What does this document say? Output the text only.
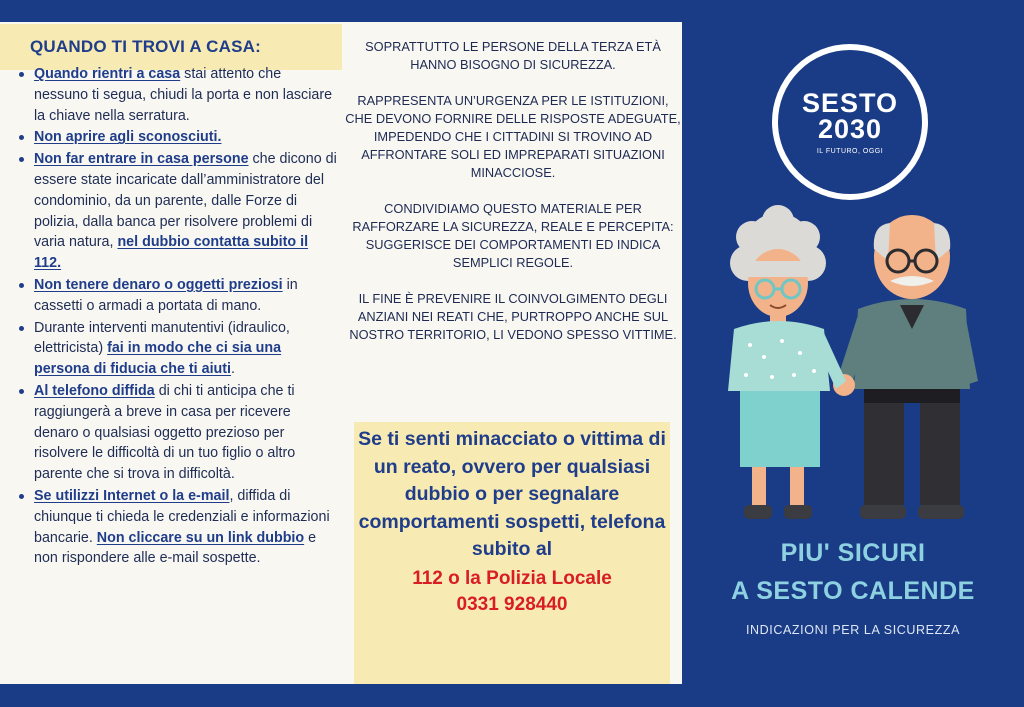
QUANDO TI TROVI A CASA:
Quando rientri a casa stai attento che nessuno ti segua, chiudi la porta e non lasciare la chiave nella serratura.
Non aprire agli sconosciuti.
Non far entrare in casa persone che dicono di essere state incaricate dall’amministratore del condominio, da un parente, dalle Forze di polizia, dalla banca per risolvere problemi di varia natura, nel dubbio contatta subito il 112.
Non tenere denaro o oggetti preziosi in cassetti o armadi a portata di mano.
Durante interventi manutentivi (idraulico, elettricista) fai in modo che ci sia una persona di fiducia che ti aiuti.
Al telefono diffida di chi ti anticipa che ti raggiungerà a breve in casa per ricevere denaro o qualsiasi oggetto prezioso per risolvere le difficoltà di un tuo figlio o altro parente che si trova in difficoltà.
Se utilizzi Internet o la e-mail, diffida di chiunque ti chieda le credenziali e informazioni bancarie. Non cliccare su un link dubbio e non rispondere alle e-mail sospette.

SOPRATTUTTO LE PERSONE DELLA TERZA ETÀ HANNO BISOGNO DI SICUREZZA.

RAPPRESENTA UN’URGENZA PER LE ISTITUZIONI, CHE DEVONO FORNIRE DELLE RISPOSTE ADEGUATE, IMPEDENDO CHE I CITTADINI SI TROVINO AD AFFRONTARE SOLI ED IMPREPARATI SITUAZIONI MINACCIOSE.

CONDIVIDIAMO QUESTO MATERIALE PER RAFFORZARE LA SICUREZZA, REALE E PERCEPITA: SUGGERISCE DEI COMPORTAMENTI ED INDICA SEMPLICI REGOLE.

IL FINE È PREVENIRE IL COINVOLGIMENTO DEGLI ANZIANI NEI REATI CHE, PURTROPPO ANCHE SUL NOSTRO TERRITORIO, LI VEDONO SPESSO VITTIME.

Se ti senti minacciato o vittima di un reato, ovvero per qualsiasi dubbio o per segnalare comportamenti sospetti, telefona subito al
112 o la Polizia Locale
0331 928440
SESTO
2030
IL FUTURO, OGGI
PIU' SICURI
A SESTO CALENDE
INDICAZIONI PER LA SICUREZZA
